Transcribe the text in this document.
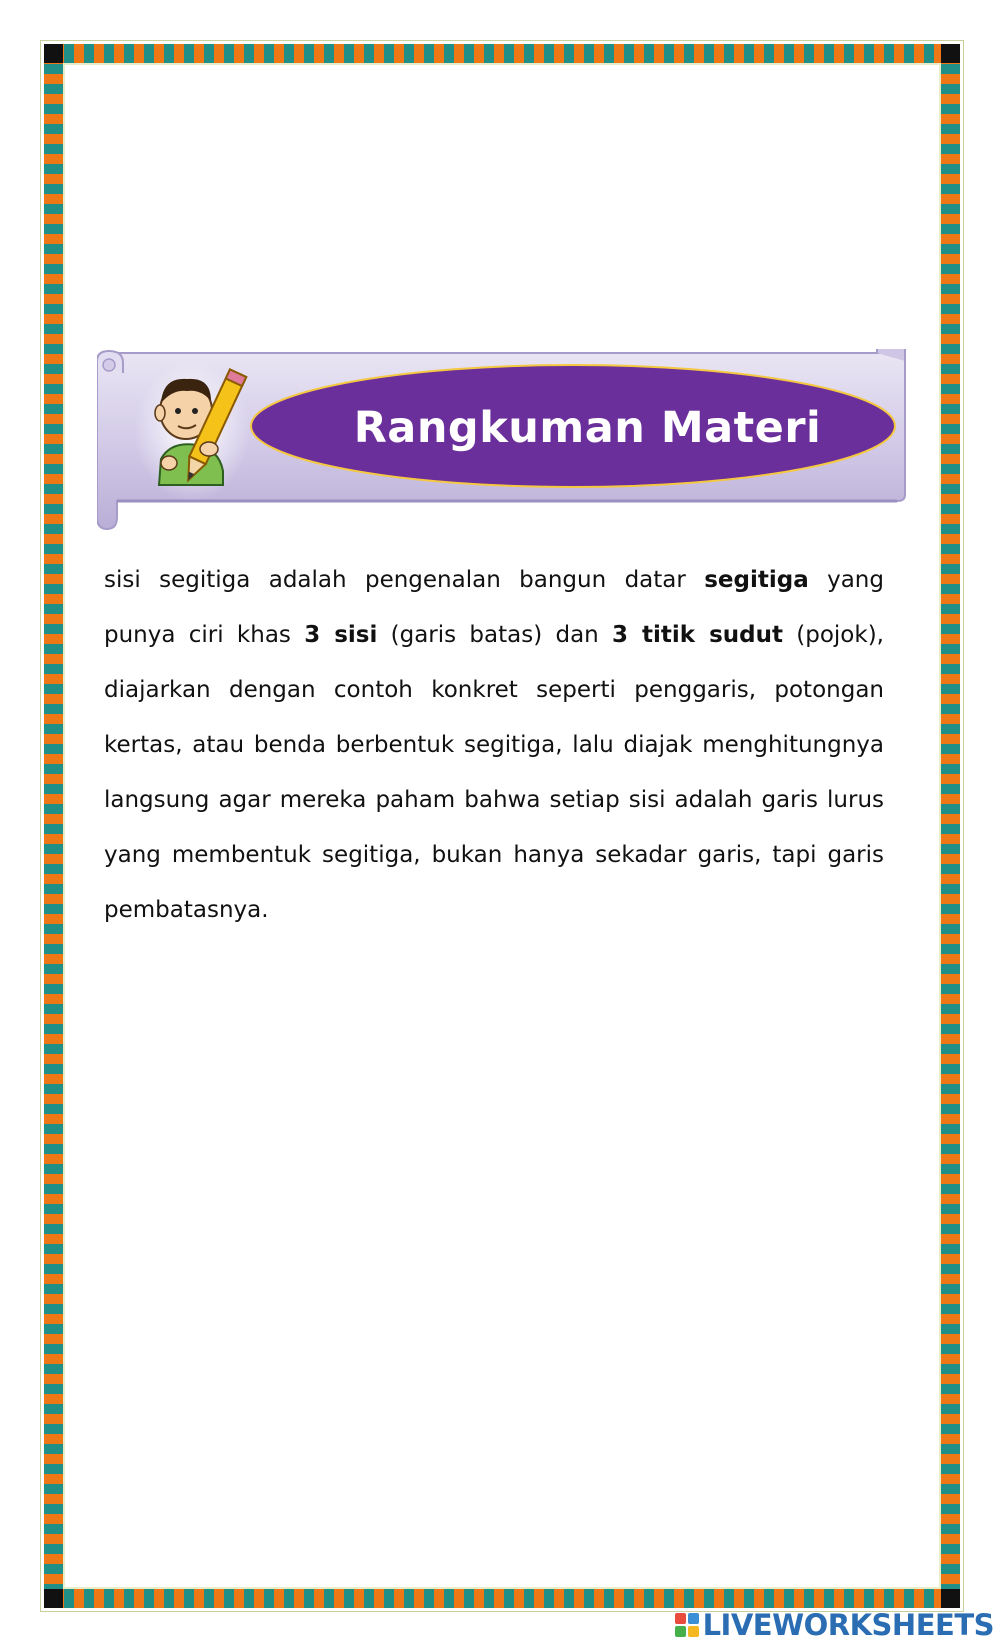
Rangkuman Materi
sisi segitiga adalah pengenalan bangun datar segitiga yang punya ciri khas 3 sisi (garis batas) dan 3 titik sudut (pojok), diajarkan dengan contoh konkret seperti penggaris, potongan kertas, atau benda berbentuk segitiga, lalu diajak menghitungnya langsung agar mereka paham bahwa setiap sisi adalah garis lurus yang membentuk segitiga, bukan hanya sekadar garis, tapi garis pembatasnya.
LIVEWORKSHEETS
